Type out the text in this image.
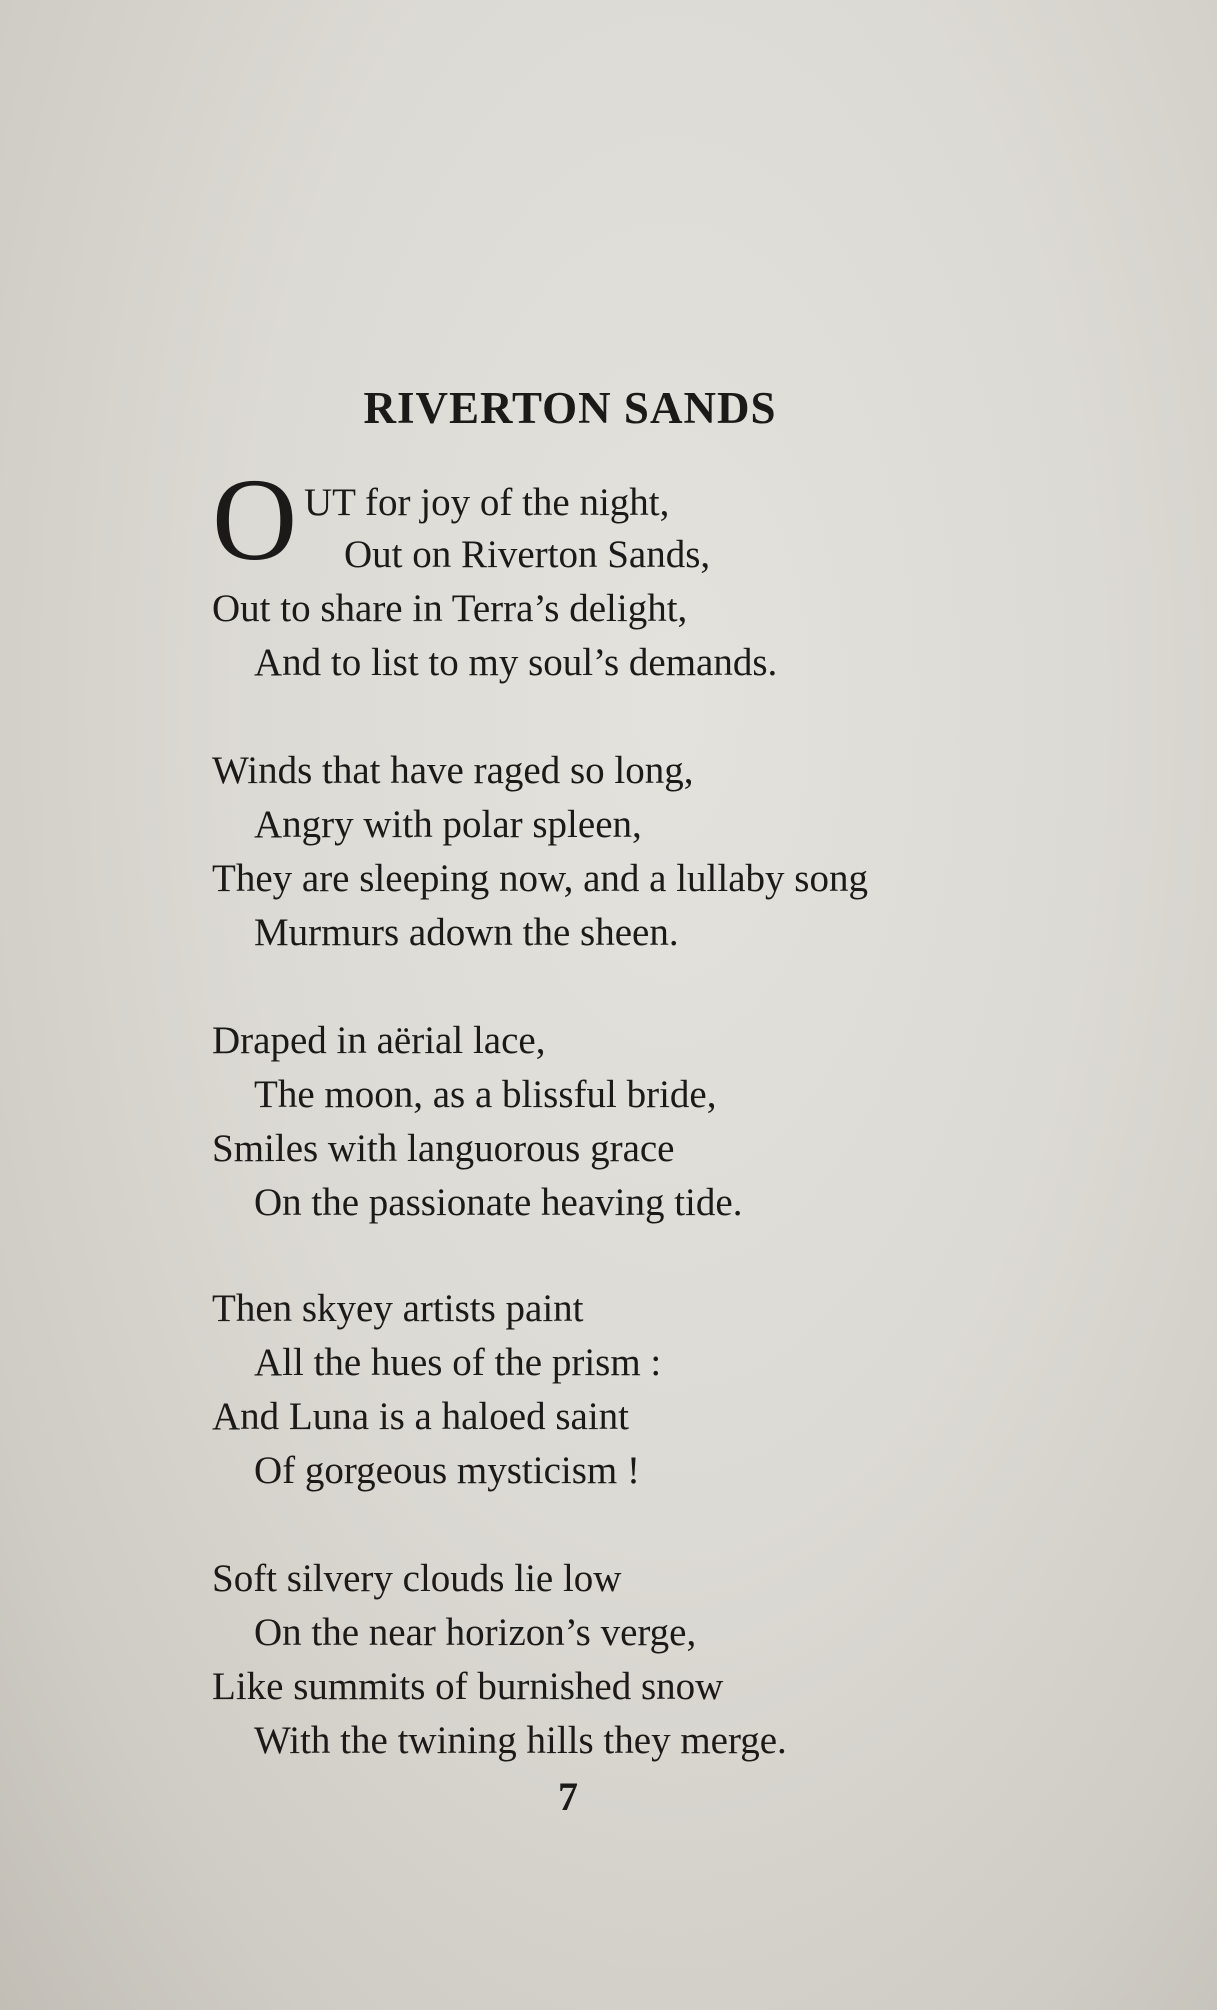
RIVERTON SANDS
O UT for joy of the night,
Out on Riverton Sands,
Out to share in Terra’s delight,
And to list to my soul’s demands.
Winds that have raged so long,
Angry with polar spleen,
They are sleeping now, and a lullaby song
Murmurs adown the sheen.
Draped in aërial lace,
The moon, as a blissful bride,
Smiles with languorous grace
On the passionate heaving tide.
Then skyey artists paint
All the hues of the prism :
And Luna is a haloed saint
Of gorgeous mysticism !
Soft silvery clouds lie low
On the near horizon’s verge,
Like summits of burnished snow
With the twining hills they merge.
7
